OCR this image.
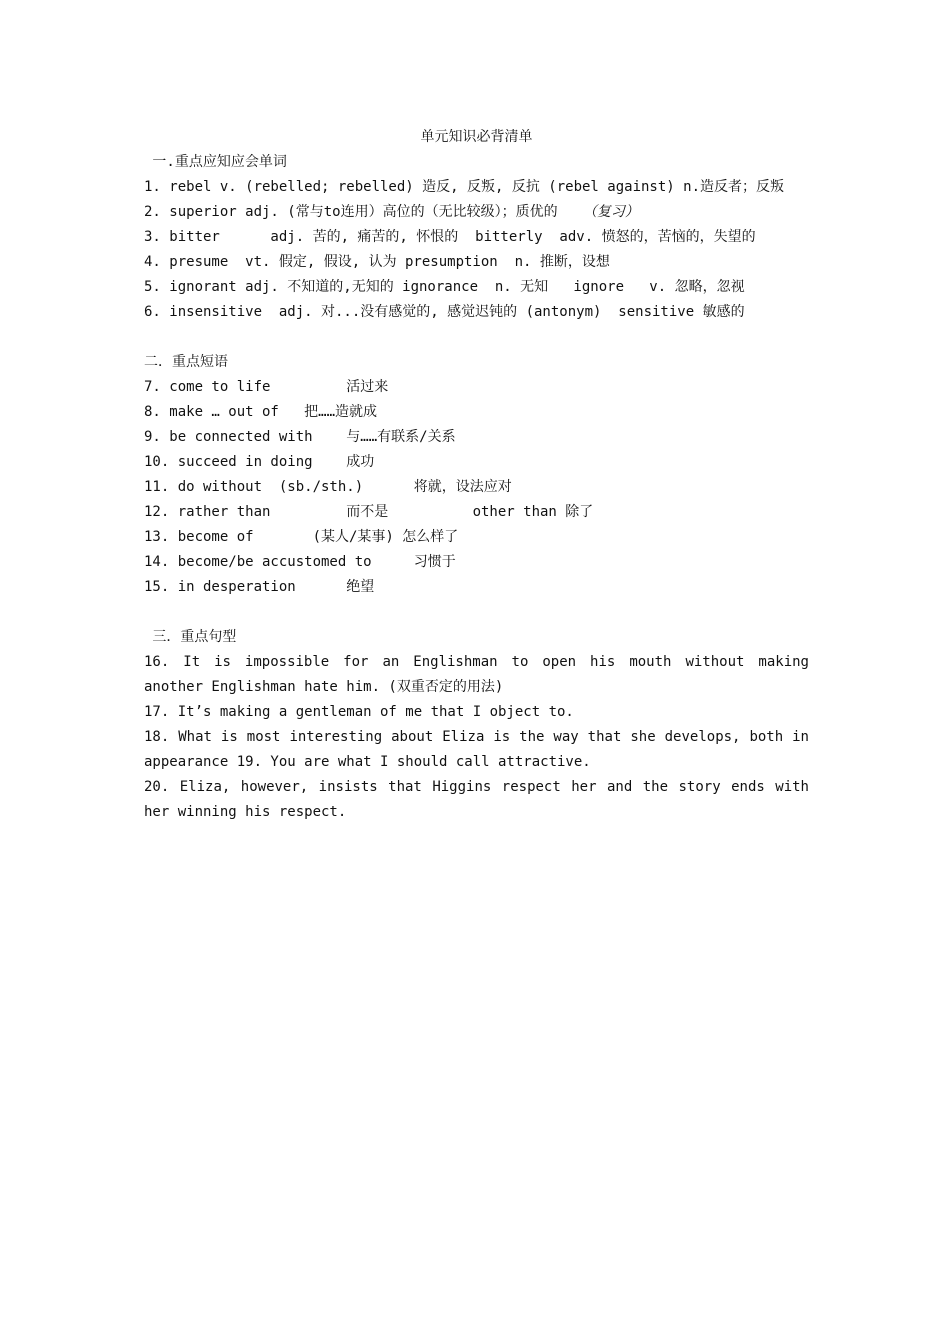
单元知识必背清单
一.重点应知应会单词
1. rebel v. (rebelled; rebelled) 造反, 反叛, 反抗 (rebel against) n.造反者；反叛
2. superior adj. (常与to连用）高位的（无比较级）；质优的 （复习）
3. bitter      adj. 苦的, 痛苦的, 怀恨的  bitterly  adv. 愤怒的，苦恼的，失望的
4. presume  vt. 假定, 假设, 认为 presumption  n. 推断，设想
5. ignorant adj. 不知道的,无知的 ignorance  n. 无知   ignore   v. 忽略，忽视
6. insensitive  adj. 对...没有感觉的, 感觉迟钝的 (antonym)  sensitive 敏感的
二．重点短语
7. come to life         活过来
8. make … out of   把……造就成
9. be connected with    与……有联系/关系
10. succeed in doing    成功
11. do without  (sb./sth.)      将就，设法应对
12. rather than         而不是          other than 除了
13. become of       (某人/某事) 怎么样了
14. become/be accustomed to     习惯于
15. in desperation      绝望
三．重点句型
16. It is impossible for an Englishman to open his mouth without making another Englishman hate him. (双重否定的用法)
17. It’s making a gentleman of me that I object to.
18. What is most interesting about Eliza is the way that she develops, both in appearance 19. You are what I should call attractive.
20. Eliza, however, insists that Higgins respect her and the story ends with her winning his respect.
